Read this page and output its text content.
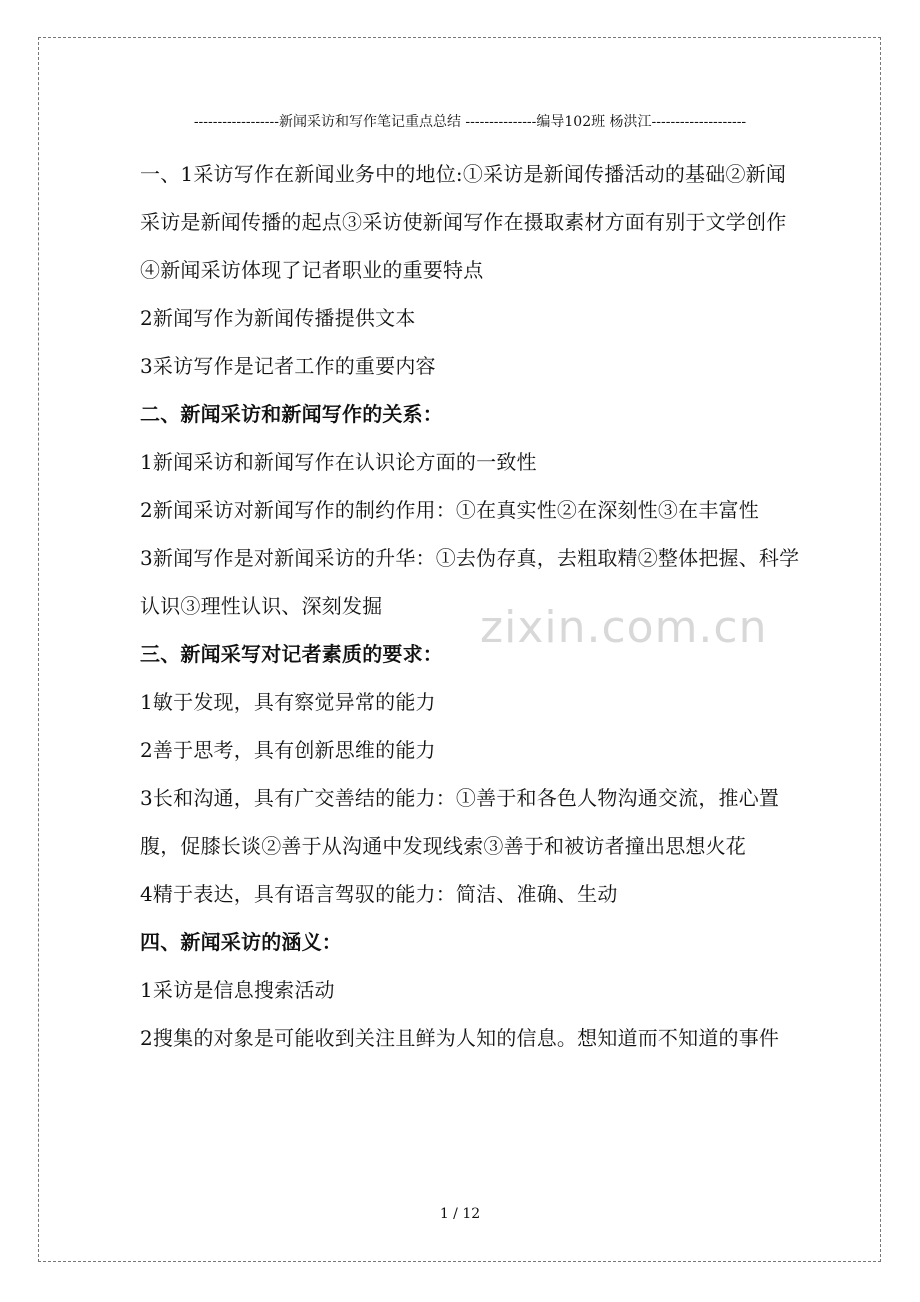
zixin.com.cn
------------------新闻采访和写作笔记重点总结 ---------------编导102班 杨洪江--------------------

一、1采访写作在新闻业务中的地位:①采访是新闻传播活动的基础②新闻采访是新闻传播的起点③采访使新闻写作在摄取素材方面有别于文学创作④新闻采访体现了记者职业的重要特点

2新闻写作为新闻传播提供文本

3采访写作是记者工作的重要内容

二、新闻采访和新闻写作的关系：

1新闻采访和新闻写作在认识论方面的一致性

2新闻采访对新闻写作的制约作用：①在真实性②在深刻性③在丰富性

3新闻写作是对新闻采访的升华：①去伪存真，去粗取精②整体把握、科学认识③理性认识、深刻发掘

三、新闻采写对记者素质的要求：

1敏于发现，具有察觉异常的能力

2善于思考，具有创新思维的能力

3长和沟通，具有广交善结的能力：①善于和各色人物沟通交流，推心置腹，促膝长谈②善于从沟通中发现线索③善于和被访者撞出思想火花

4精于表达，具有语言驾驭的能力：简洁、准确、生动

四、新闻采访的涵义：

1采访是信息搜索活动

2搜集的对象是可能收到关注且鲜为人知的信息。想知道而不知道的事件

1 / 12
